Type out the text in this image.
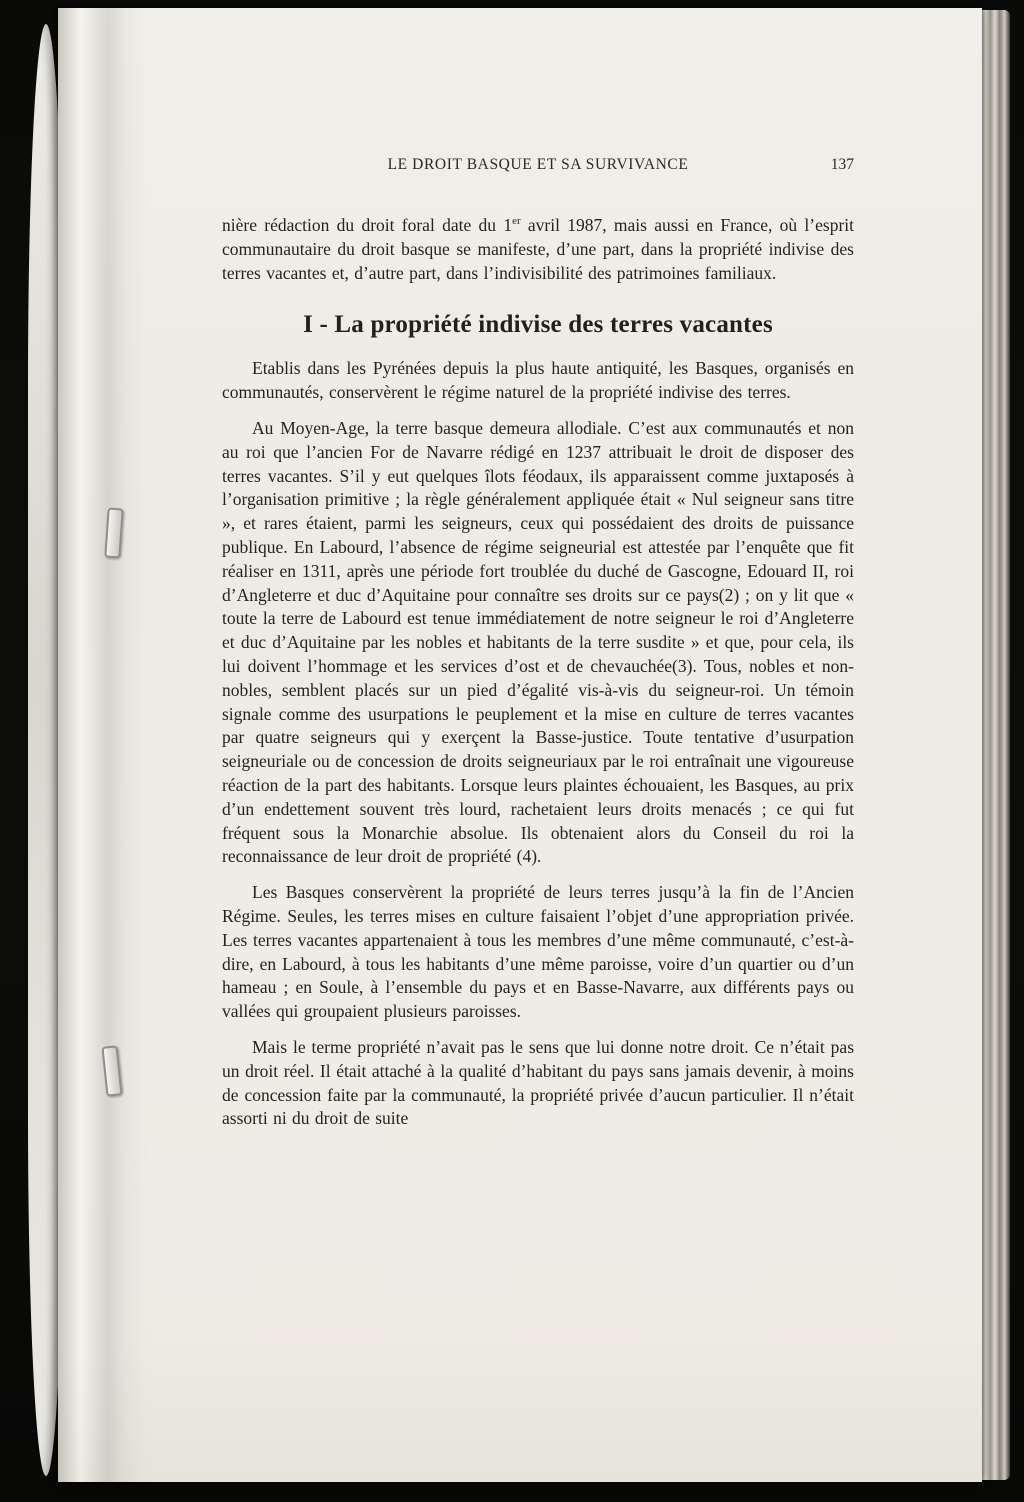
LE DROIT BASQUE ET SA SURVIVANCE	137

nière rédaction du droit foral date du 1er avril 1987, mais aussi en France, où l’esprit communautaire du droit basque se manifeste, d’une part, dans la propriété indivise des terres vacantes et, d’autre part, dans l’indivisibilité des patrimoines familiaux.

I - La propriété indivise des terres vacantes

Etablis dans les Pyrénées depuis la plus haute antiquité, les Basques, organisés en communautés, conservèrent le régime naturel de la propriété indivise des terres.

Au Moyen-Age, la terre basque demeura allodiale. C’est aux communautés et non au roi que l’ancien For de Navarre rédigé en 1237 attribuait le droit de disposer des terres vacantes. S’il y eut quelques îlots féodaux, ils apparaissent comme juxtaposés à l’organisation primitive ; la règle généralement appliquée était « Nul seigneur sans titre », et rares étaient, parmi les seigneurs, ceux qui possédaient des droits de puissance publique. En Labourd, l’absence de régime seigneurial est attestée par l’enquête que fit réaliser en 1311, après une période fort troublée du duché de Gascogne, Edouard II, roi d’Angleterre et duc d’Aquitaine pour connaître ses droits sur ce pays(2) ; on y lit que « toute la terre de Labourd est tenue immédiatement de notre seigneur le roi d’Angleterre et duc d’Aquitaine par les nobles et habitants de la terre susdite » et que, pour cela, ils lui doivent l’hommage et les services d’ost et de chevauchée(3). Tous, nobles et non-nobles, semblent placés sur un pied d’égalité vis-à-vis du seigneur-roi. Un témoin signale comme des usurpations le peuplement et la mise en culture de terres vacantes par quatre seigneurs qui y exerçent la Basse-justice. Toute tentative d’usurpation seigneuriale ou de concession de droits seigneuriaux par le roi entraînait une vigoureuse réaction de la part des habitants. Lorsque leurs plaintes échouaient, les Basques, au prix d’un endettement souvent très lourd, rachetaient leurs droits menacés ; ce qui fut fréquent sous la Monarchie absolue. Ils obtenaient alors du Conseil du roi la reconnaissance de leur droit de propriété (4).

Les Basques conservèrent la propriété de leurs terres jusqu’à la fin de l’Ancien Régime. Seules, les terres mises en culture faisaient l’objet d’une appropriation privée. Les terres vacantes appartenaient à tous les membres d’une même communauté, c’est-à-dire, en Labourd, à tous les habitants d’une même paroisse, voire d’un quartier ou d’un hameau ; en Soule, à l’ensemble du pays et en Basse-Navarre, aux différents pays ou vallées qui groupaient plusieurs paroisses.

Mais le terme propriété n’avait pas le sens que lui donne notre droit. Ce n’était pas un droit réel. Il était attaché à la qualité d’habitant du pays sans jamais devenir, à moins de concession faite par la communauté, la propriété privée d’aucun particulier. Il n’était assorti ni du droit de suite
